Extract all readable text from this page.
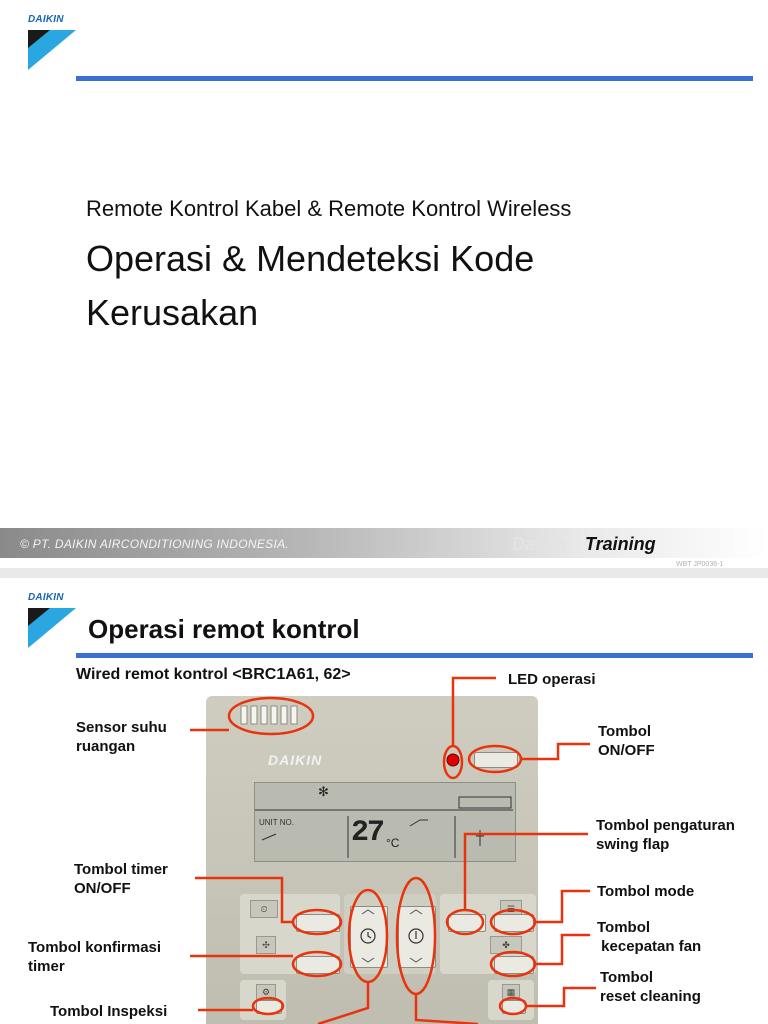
DAIKIN
Remote Kontrol Kabel & Remote Kontrol Wireless
Operasi & Mendeteksi Kode Kerusakan
© PT. DAIKIN AIRCONDITIONING INDONESIA.	Daikin Training
WBT JP0036-1
DAIKIN
Operasi remot kontrol
Wired remot kontrol <BRC1A61, 62>
DAIKIN
✻
UNIT NO. 27 °C
⏲
✣
⚙
☰
✤
▦
LED operasi
Sensor suhu
ruangan
Tombol
ON/OFF
Tombol pengaturan
swing flap
Tombol timer
ON/OFF	Tombol mode
Tombol konfirmasi
timer
Tombol
kecepatan fan
Tombol
reset cleaning
Tombol Inspeksi
